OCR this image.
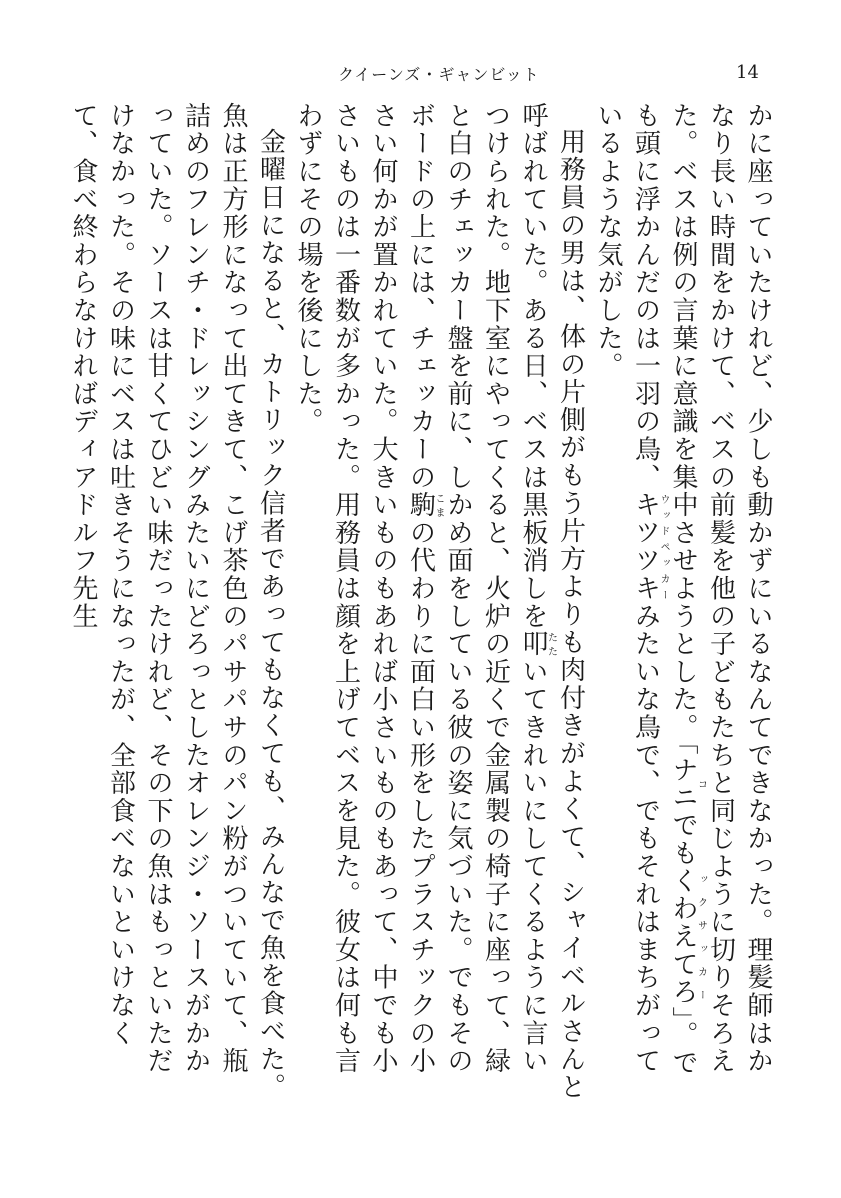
クイーンズ・ギャンビット	14

かに座っていたけれど、少しも動かずにいるなんてできなかった。理髪師はかなり長い時間をかけて、ベスの前髪を他の子どもたちと同じように切りそろえた。ベスは例の言葉に意識を集中させようとした。「ナニコでもくわえてろックサッカー」。でも頭に浮かんだのは一羽の鳥、キツツキウッドペッカーみたいな鳥で、でもそれはまちがっているような気がした。

用務員の男は、体の片側がもう片方よりも肉付きがよくて、シャイベルさんと呼ばれていた。ある日、ベスは黒板消しを叩たたいてきれいにしてくるように言いつけられた。地下室にやってくると、火炉の近くで金属製の椅子に座って、緑と白のチェッカー盤を前に、しかめ面をしている彼の姿に気づいた。でもそのボードの上には、チェッカーの駒こまの代わりに面白い形をしたプラスチックの小さい何かが置かれていた。大きいものもあれば小さいものもあって、中でも小さいものは一番数が多かった。用務員は顔を上げてベスを見た。彼女は何も言わずにその場を後にした。

金曜日になると、カトリック信者であってもなくても、みんなで魚を食べた。魚は正方形になって出てきて、こげ茶色のパサパサのパン粉がついていて、瓶詰めのフレンチ・ドレッシングみたいにどろっとしたオレンジ・ソースがかかっていた。ソースは甘くてひどい味だったけれど、その下の魚はもっといただけなかった。その味にベスは吐きそうになったが、全部食べないといけなくて、食べ終わらなければディアドルフ先生
